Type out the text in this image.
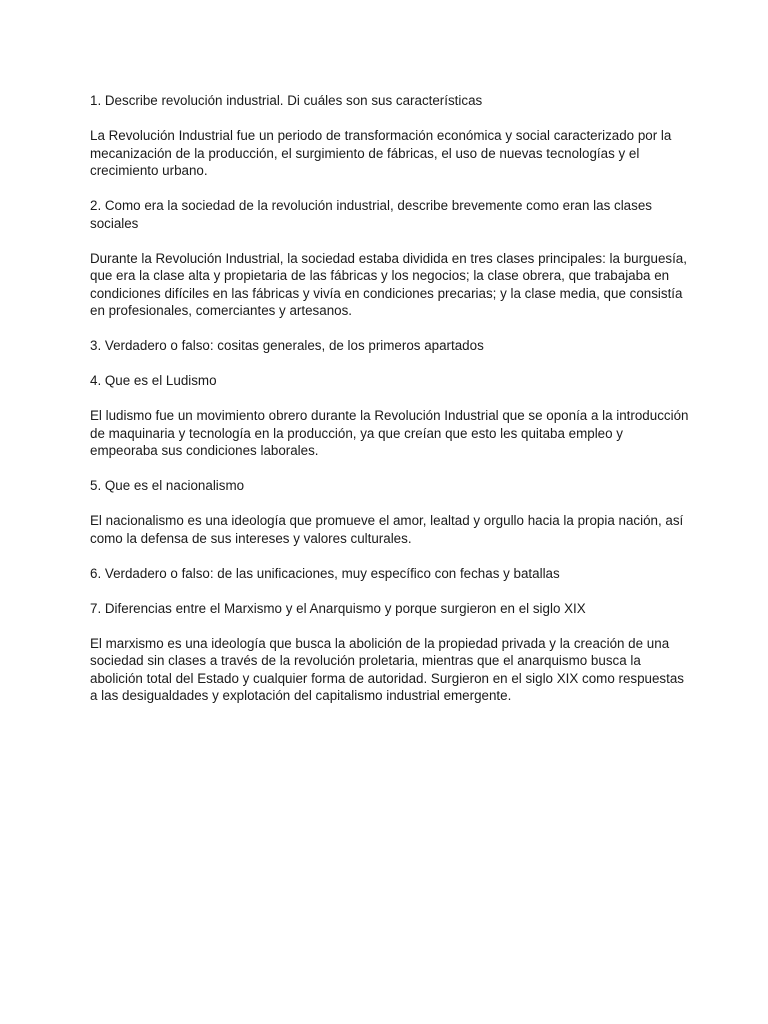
1. Describe revolución industrial. Di cuáles son sus características

La Revolución Industrial fue un periodo de transformación económica y social caracterizado por la mecanización de la producción, el surgimiento de fábricas, el uso de nuevas tecnologías y el crecimiento urbano.

2. Como era la sociedad de la revolución industrial, describe brevemente como eran las clases sociales

Durante la Revolución Industrial, la sociedad estaba dividida en tres clases principales: la burguesía, que era la clase alta y propietaria de las fábricas y los negocios; la clase obrera, que trabajaba en condiciones difíciles en las fábricas y vivía en condiciones precarias; y la clase media, que consistía en profesionales, comerciantes y artesanos.

3. Verdadero o falso: cositas generales, de los primeros apartados

4. Que es el Ludismo

El ludismo fue un movimiento obrero durante la Revolución Industrial que se oponía a la introducción de maquinaria y tecnología en la producción, ya que creían que esto les quitaba empleo y empeoraba sus condiciones laborales.

5. Que es el nacionalismo

El nacionalismo es una ideología que promueve el amor, lealtad y orgullo hacia la propia nación, así como la defensa de sus intereses y valores culturales.

6. Verdadero o falso: de las unificaciones, muy específico con fechas y batallas

7. Diferencias entre el Marxismo y el Anarquismo y porque surgieron en el siglo XIX

El marxismo es una ideología que busca la abolición de la propiedad privada y la creación de una sociedad sin clases a través de la revolución proletaria, mientras que el anarquismo busca la abolición total del Estado y cualquier forma de autoridad. Surgieron en el siglo XIX como respuestas a las desigualdades y explotación del capitalismo industrial emergente.
